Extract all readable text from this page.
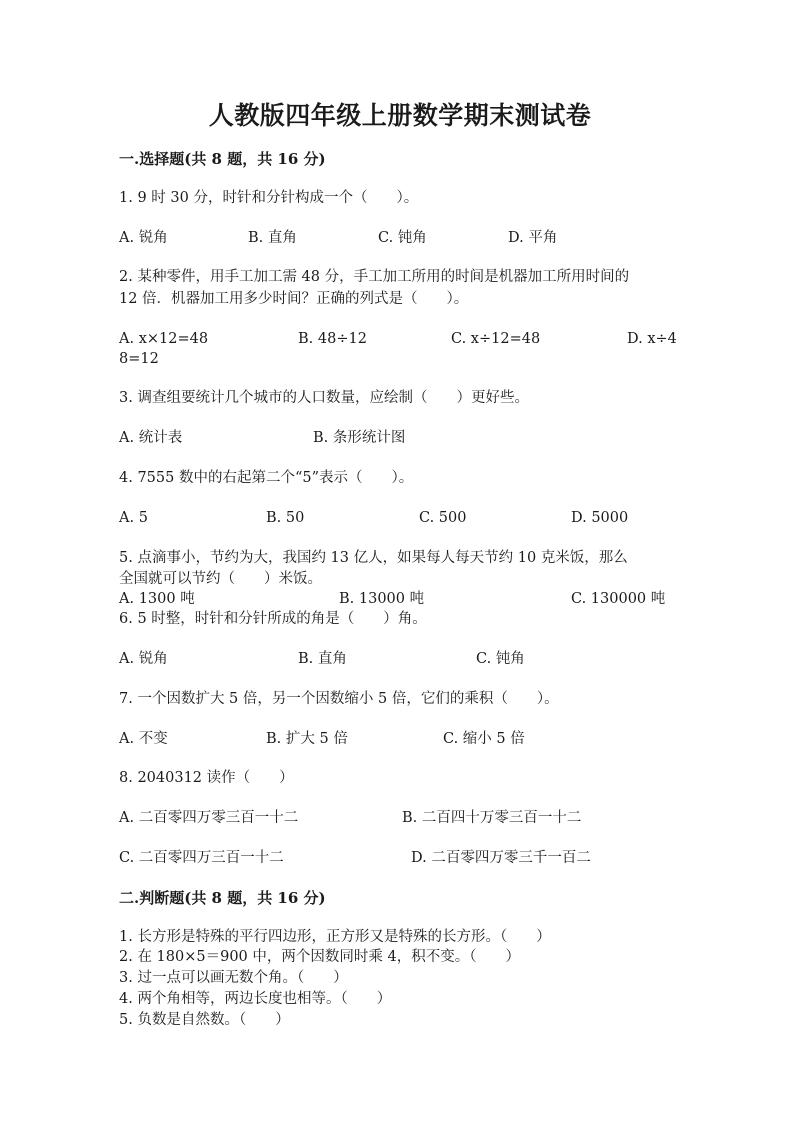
人教版四年级上册数学期末测试卷
一.选择题(共 8 题，共 16 分)
1. 9 时 30 分，时针和分针构成一个（　　）。
A. 锐角	B. 直角	C. 钝角	D. 平角
2. 某种零件，用手工加工需 48 分，手工加工所用的时间是机器加工所用时间的
12 倍．机器加工用多少时间？正确的列式是（　　）。
A. x×12=48	B. 48÷12	C. x÷12=48	D. x÷4
8=12
3. 调查组要统计几个城市的人口数量，应绘制（　　）更好些。
A. 统计表	B. 条形统计图
4. 7555 数中的右起第二个“5”表示（　　）。
A. 5	B. 50	C. 500	D. 5000
5. 点滴事小，节约为大，我国约 13 亿人，如果每人每天节约 10 克米饭，那么
全国就可以节约（　　）米饭。
A. 1300 吨	B. 13000 吨	C. 130000 吨
6. 5 时整，时针和分针所成的角是（　　）角。
A. 锐角	B. 直角	C. 钝角
7. 一个因数扩大 5 倍，另一个因数缩小 5 倍，它们的乘积（　　）。
A. 不变	B. 扩大 5 倍	C. 缩小 5 倍
8. 2040312 读作（　　）
A. 二百零四万零三百一十二	B. 二百四十万零三百一十二
C. 二百零四万三百一十二	D. 二百零四万零三千一百二
二.判断题(共 8 题，共 16 分)
1. 长方形是特殊的平行四边形，正方形又是特殊的长方形。（　　）
2. 在 180×5＝900 中，两个因数同时乘 4，积不变。（　　）
3. 过一点可以画无数个角。（　　）
4. 两个角相等，两边长度也相等。（　　）
5. 负数是自然数。（　　）
